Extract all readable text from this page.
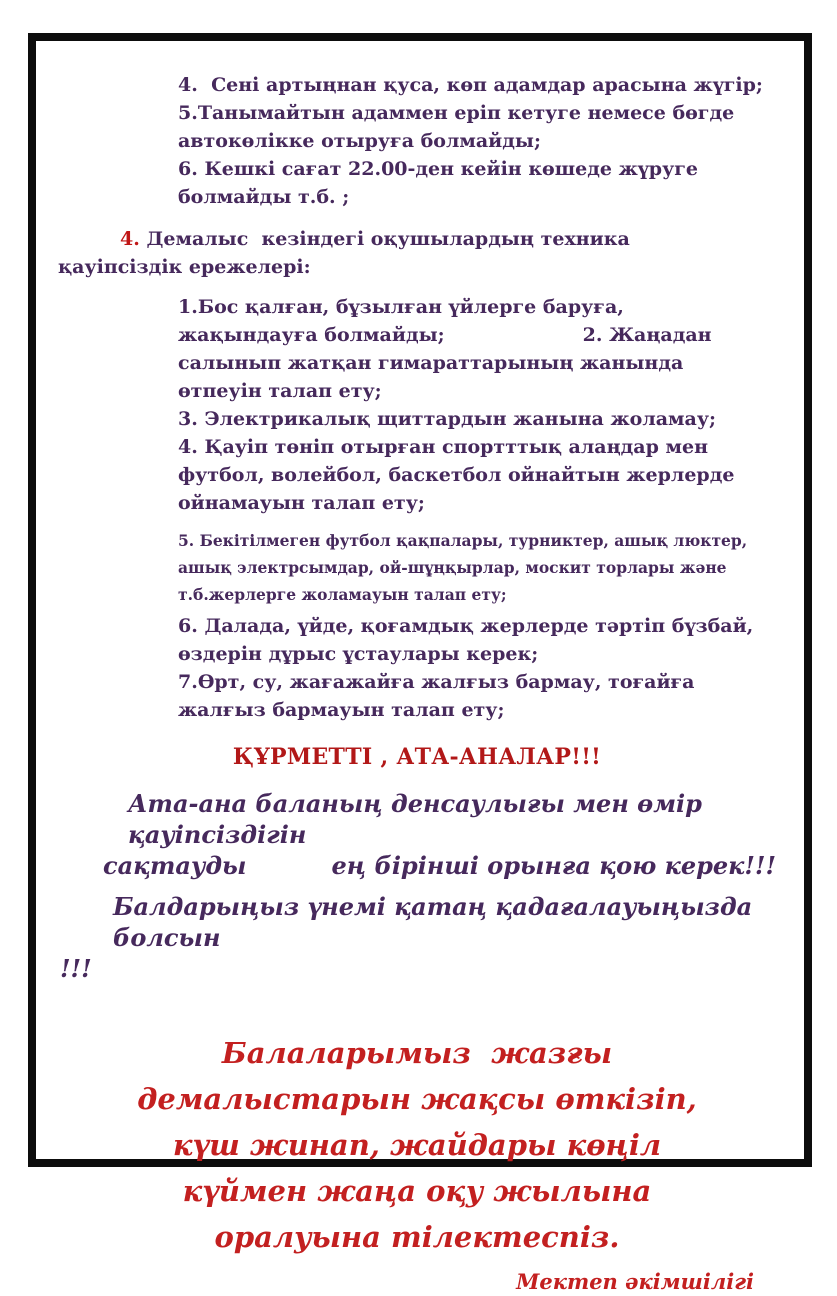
4.  Сені артыңнан қуса, көп адамдар арасына жүгір;

5.Танымайтын адаммен еріп кетуге немесе бөгде автокөлікке отыруға болмайды;

6. Кешкі сағат 22.00-ден кейін көшеде жүруге болмайды т.б. ;

4. Демалыс  кезіндегі оқушылардың техника қауіпсіздік ережелері:

1.Бос қалған, бұзылған үйлерге баруға, жақындауға болмайды;	2. Жаңадан салынып жатқан гимараттарының жанында өтпеуін талап ету;

3. Электрикалық щиттардын жанына жоламау;

4. Қауіп төніп отырған спортттық алаңдар мен футбол, волейбол, баскетбол ойнайтын жерлерде ойнамауын талап ету;

5. Бекітілмеген футбол қақпалары, турниктер, ашық люктер, ашық электрсымдар, ой-шұңқырлар, москит торлары және т.б.жерлерге жоламауын талап ету;

6. Далада, үйде, қоғамдық жерлерде тәртіп бүзбай, өздерін дұрыс ұстаулары керек;

7.Өрт, су, жағажайға жалғыз бармау, тоғайға жалғыз бармауын талап ету;

ҚҰРМЕТТІ , АТА-АНАЛАР!!!

Ата-ана баланың денсаулығы мен өмір  қауіпсіздігін

сақтауды	ең бірінші орынға қою керек!!!

Балдарыңыз үнемі қатаң қадағалауыңызда болсын

!!!

Балаларымыз  жазғы демалыстарын жақсы өткізіп, күш жинап, жайдары көңіл күймен жаңа оқу жылына оралуына тілектеспіз.

Мектеп әкімшілігі
